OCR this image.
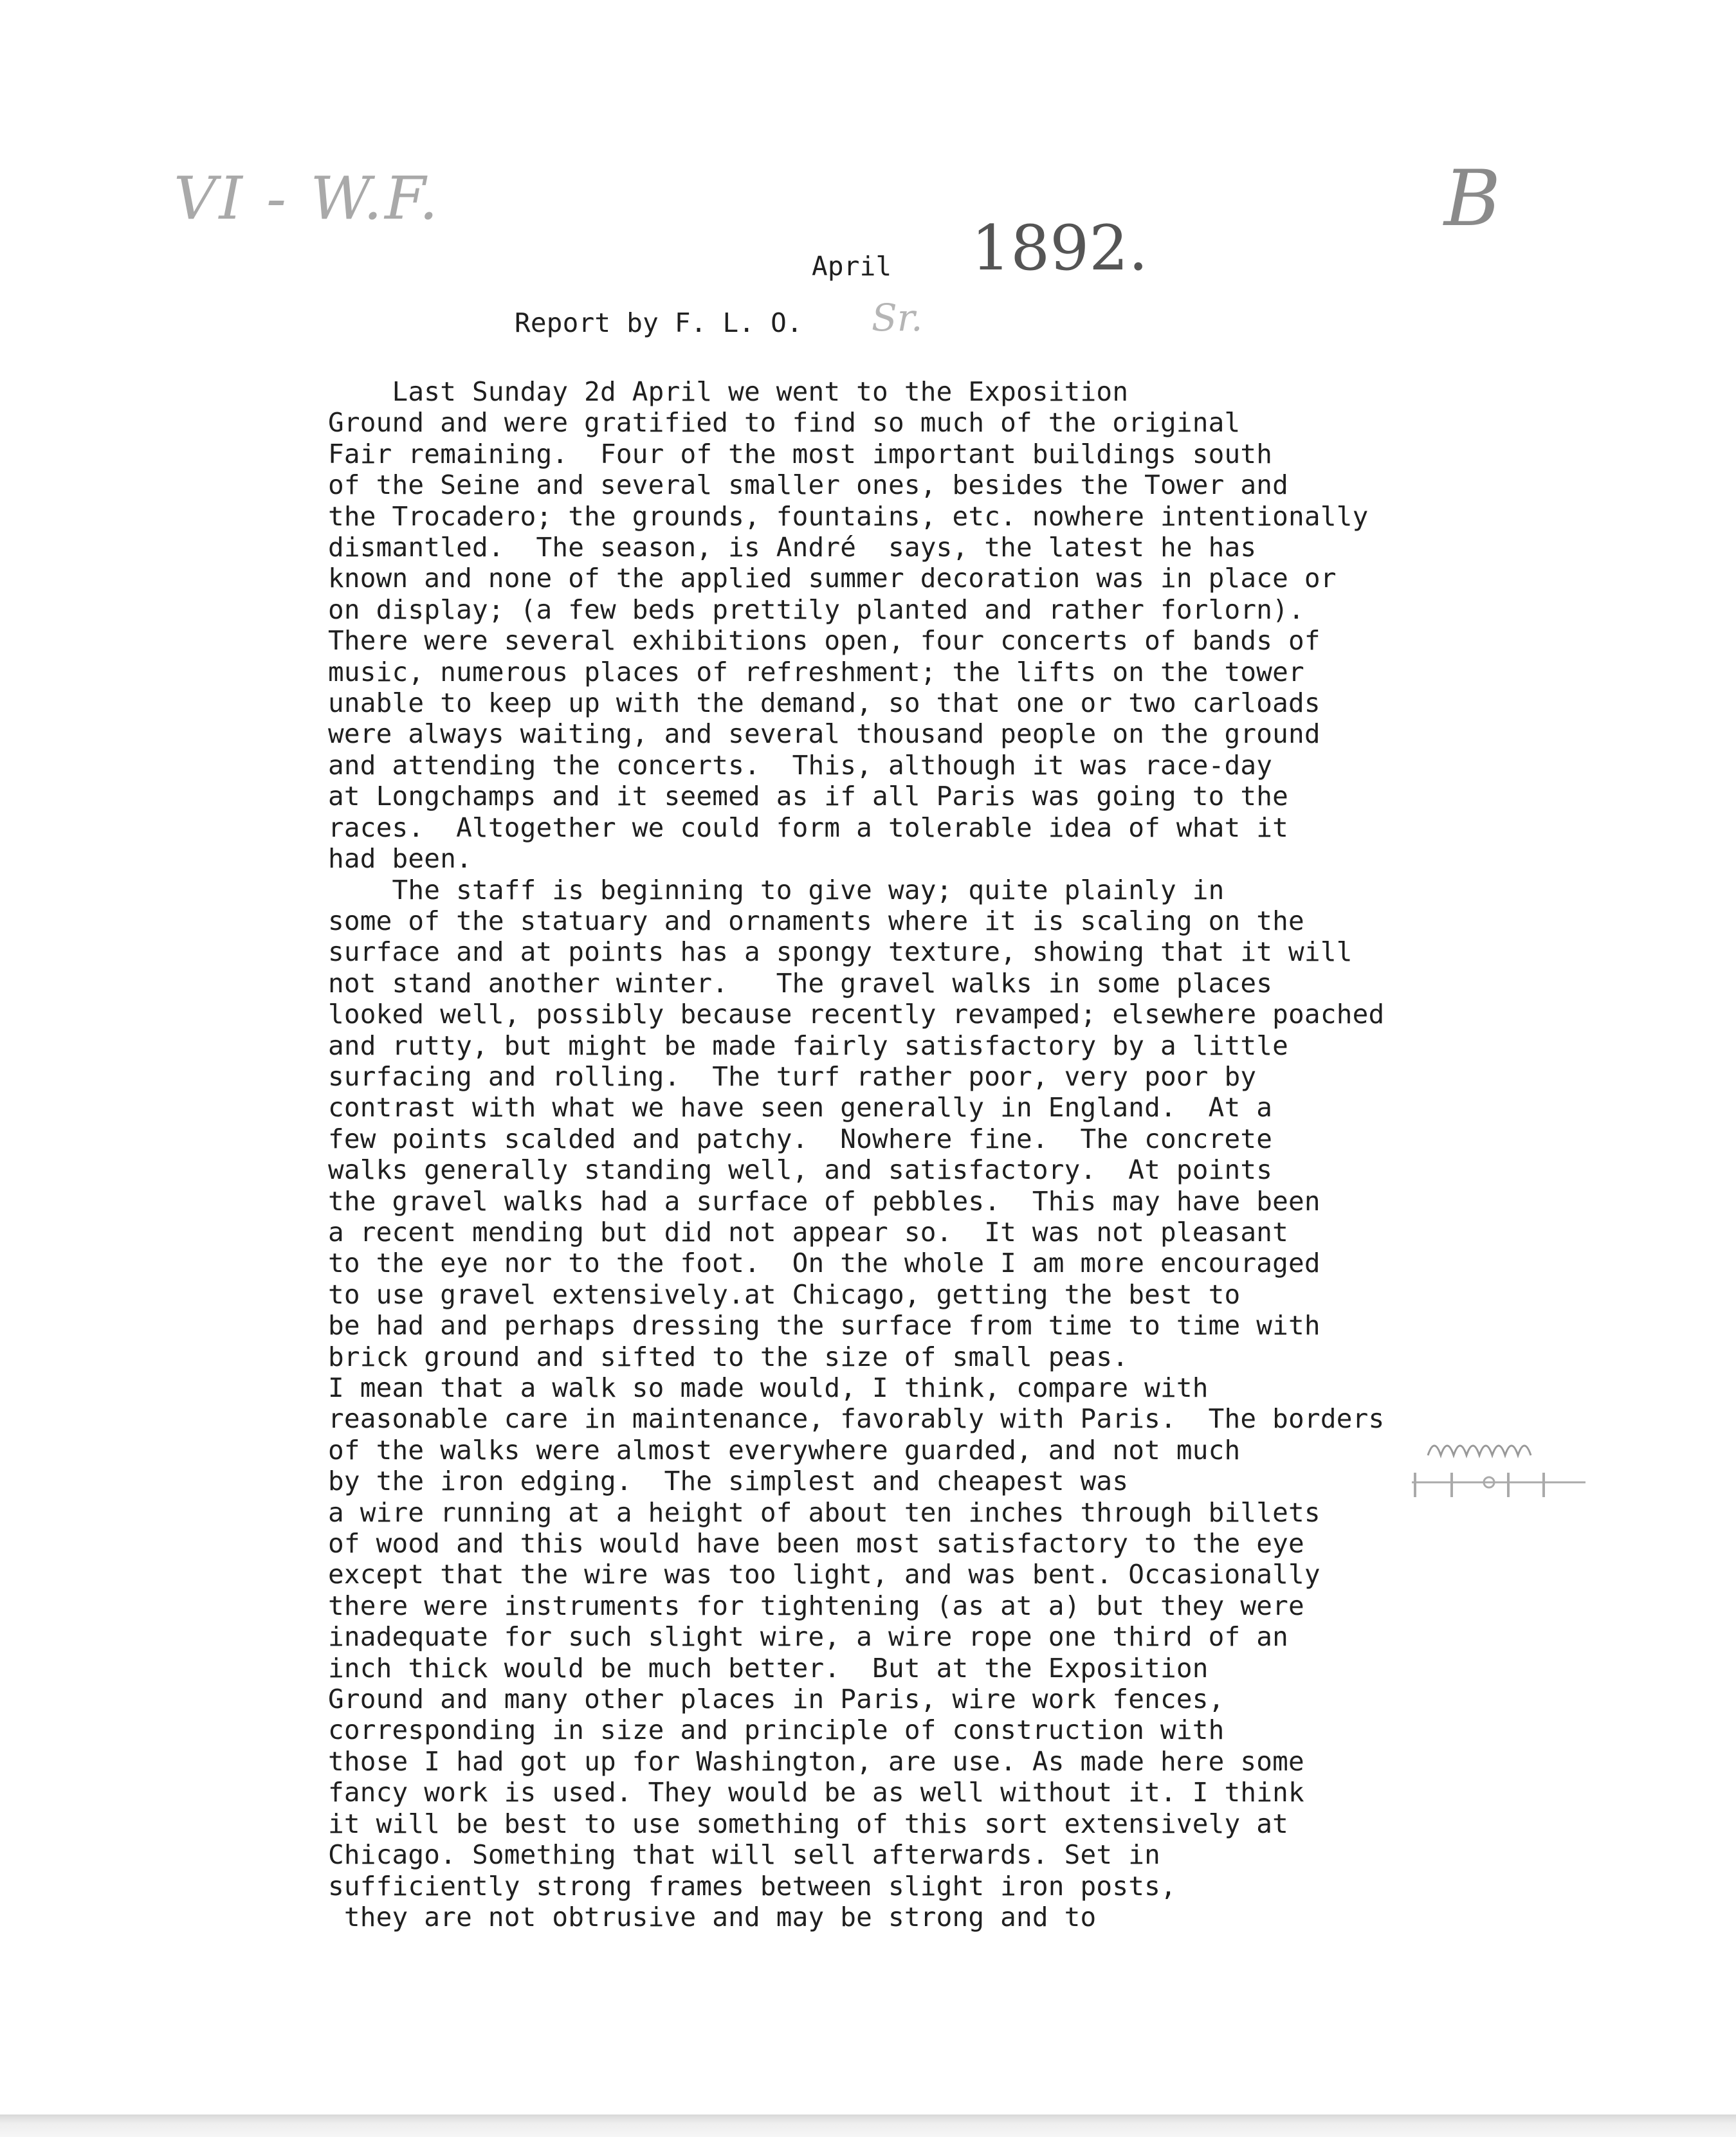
VI - W.F.	B
1892.
Sr.
April
Report by F. L. O.
Last Sunday 2d April we went to the Exposition
Ground and were gratified to find so much of the original
Fair remaining.  Four of the most important buildings south
of the Seine and several smaller ones, besides the Tower and
the Trocadero; the grounds, fountains, etc. nowhere intentionally
dismantled.  The season, is André  says, the latest he has
known and none of the applied summer decoration was in place or
on display; (a few beds prettily planted and rather forlorn).
There were several exhibitions open, four concerts of bands of
music, numerous places of refreshment; the lifts on the tower
unable to keep up with the demand, so that one or two carloads
were always waiting, and several thousand people on the ground
and attending the concerts.  This, although it was race-day
at Longchamps and it seemed as if all Paris was going to the
races.  Altogether we could form a tolerable idea of what it
had been.
The staff is beginning to give way; quite plainly in
some of the statuary and ornaments where it is scaling on the
surface and at points has a spongy texture, showing that it will
not stand another winter.   The gravel walks in some places
looked well, possibly because recently revamped; elsewhere poached
and rutty, but might be made fairly satisfactory by a little
surfacing and rolling.  The turf rather poor, very poor by
contrast with what we have seen generally in England.  At a
few points scalded and patchy.  Nowhere fine.  The concrete
walks generally standing well, and satisfactory.  At points
the gravel walks had a surface of pebbles.  This may have been
a recent mending but did not appear so.  It was not pleasant
to the eye nor to the foot.  On the whole I am more encouraged
to use gravel extensively.at Chicago, getting the best to
be had and perhaps dressing the surface from time to time with
brick ground and sifted to the size of small peas.
I mean that a walk so made would, I think, compare with
reasonable care in maintenance, favorably with Paris.  The borders
of the walks were almost everywhere guarded, and not much
by the iron edging.  The simplest and cheapest was
a wire running at a height of about ten inches through billets
of wood and this would have been most satisfactory to the eye
except that the wire was too light, and was bent. Occasionally
there were instruments for tightening (as at a) but they were
inadequate for such slight wire, a wire rope one third of an
inch thick would be much better.  But at the Exposition
Ground and many other places in Paris, wire work fences,
corresponding in size and principle of construction with
those I had got up for Washington, are use. As made here some
fancy work is used. They would be as well without it. I think
it will be best to use something of this sort extensively at
Chicago. Something that will sell afterwards. Set in
sufficiently strong frames between slight iron posts,
they are not obtrusive and may be strong and to
